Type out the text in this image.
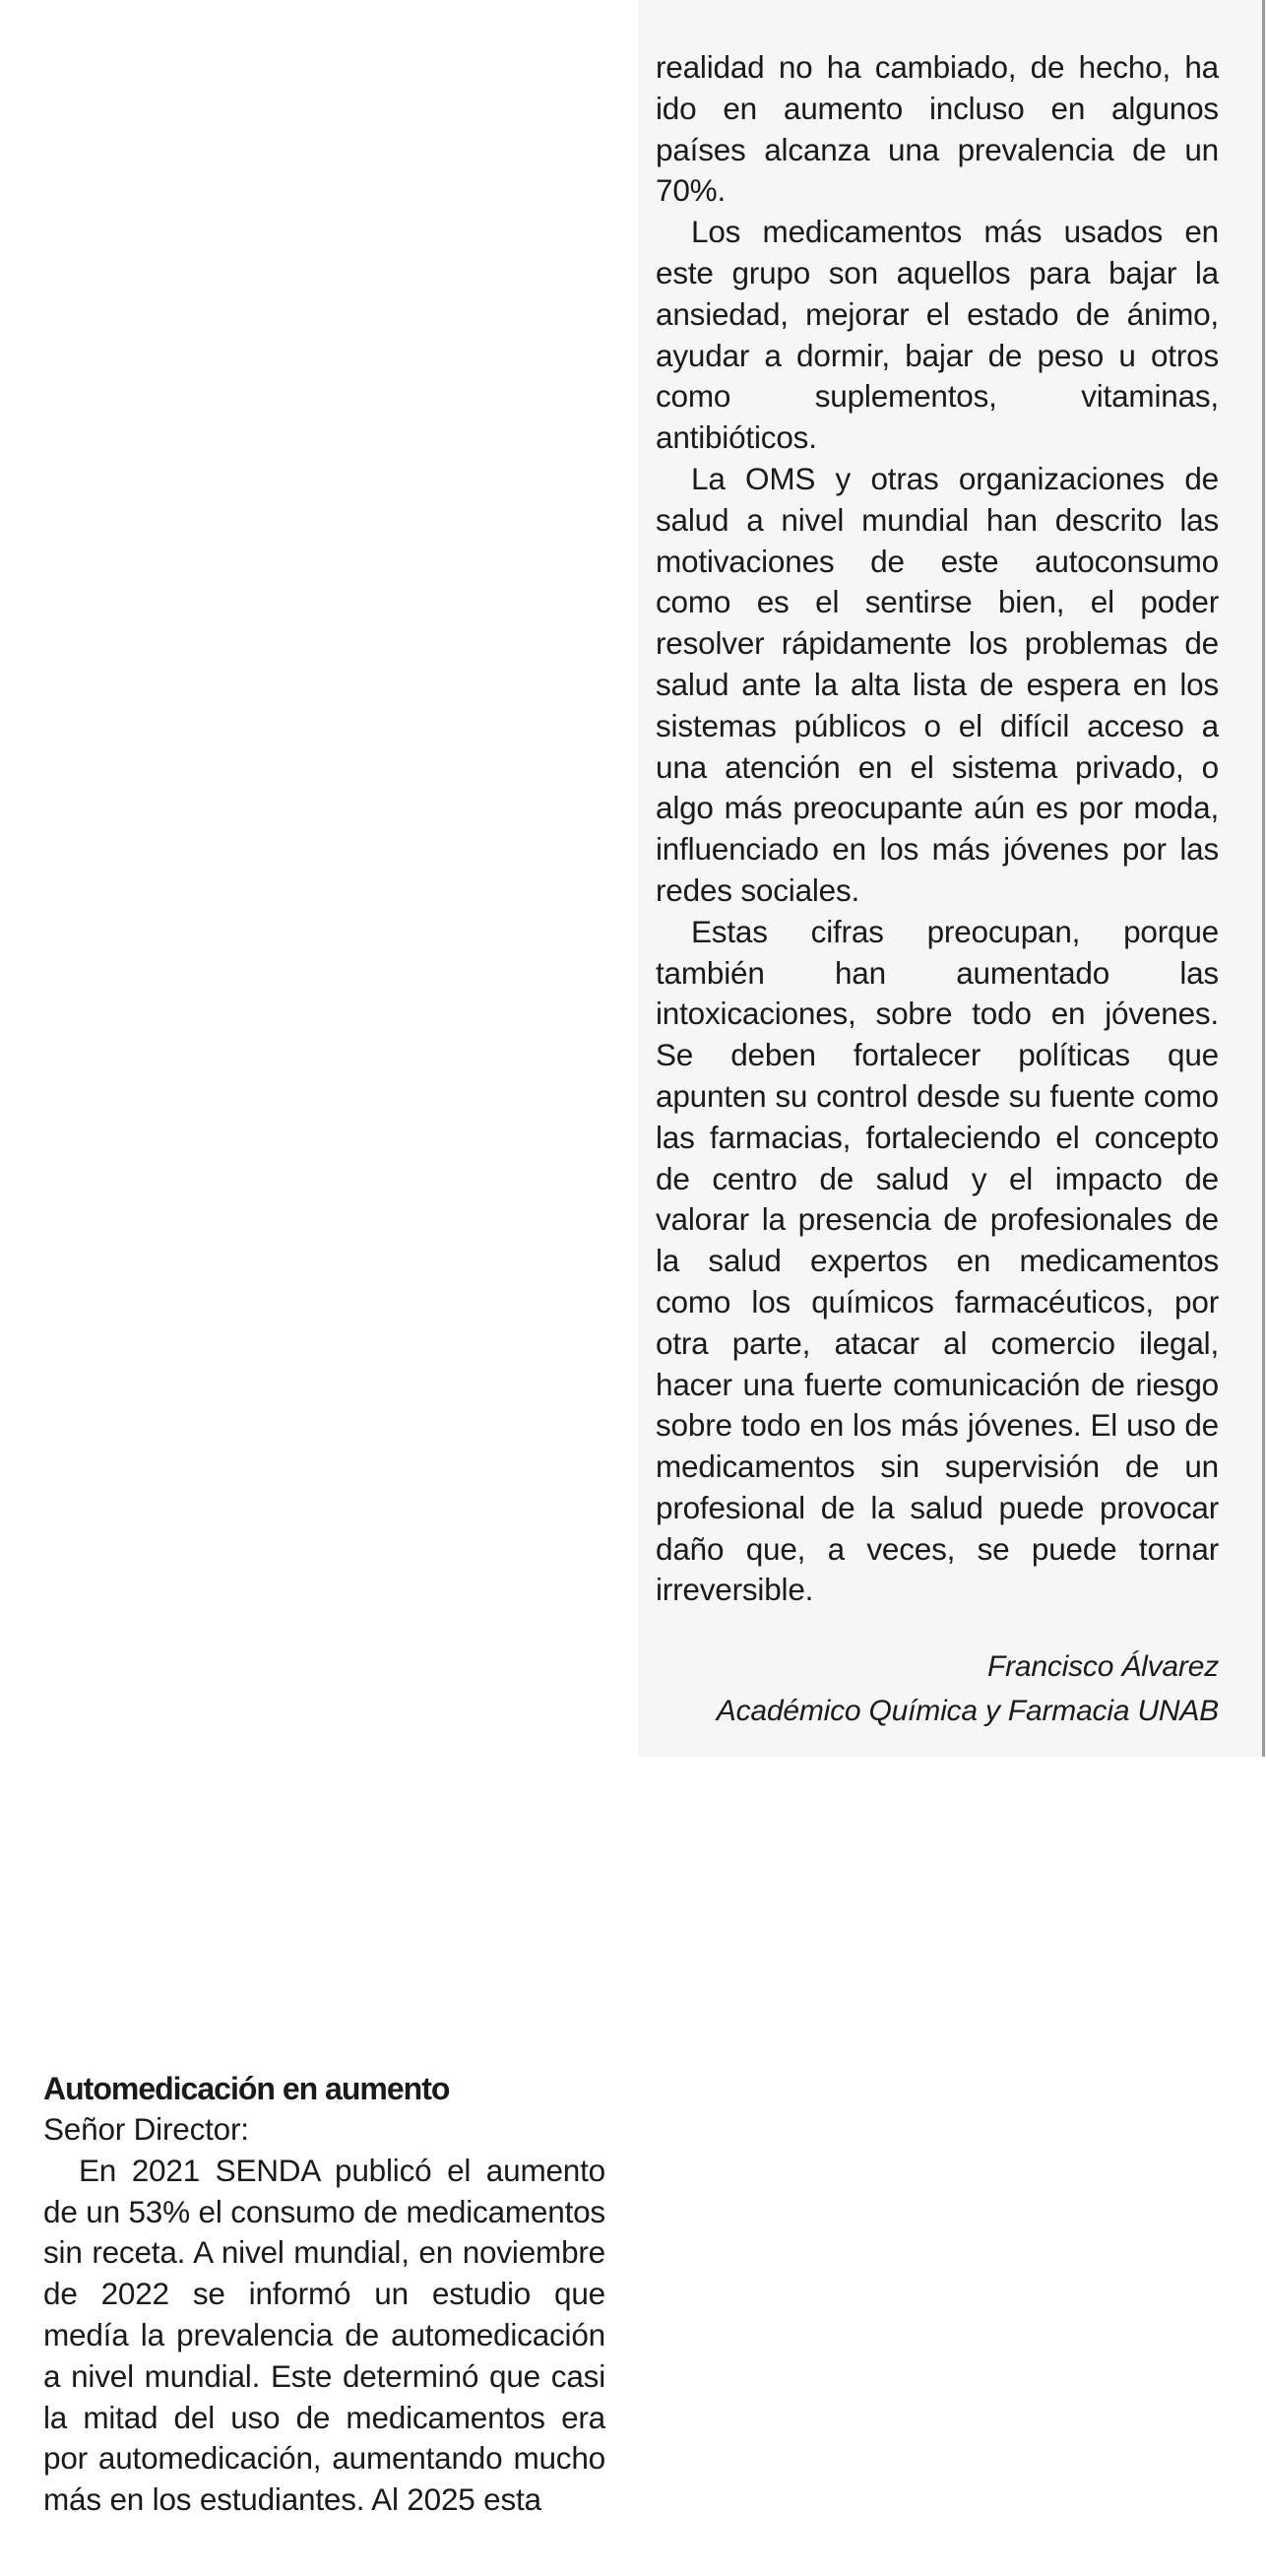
realidad no ha cambiado, de hecho, ha ido en aumento incluso en algunos países alcanza una prevalencia de un 70%.

Los medicamentos más usados en este grupo son aquellos para bajar la ansiedad, mejorar el estado de ánimo, ayudar a dormir, bajar de peso u otros como suplementos, vitaminas, antibióticos.

La OMS y otras organizaciones de salud a nivel mundial han descrito las motivaciones de este autoconsumo como es el sentirse bien, el poder resolver rápidamente los problemas de salud ante la alta lista de espera en los sistemas públicos o el difícil acceso a una atención en el sistema privado, o algo más preocupante aún es por moda, influenciado en los más jóvenes por las redes sociales.

Estas cifras preocupan, porque también han aumentado las intoxicaciones, sobre todo en jóvenes. Se deben fortalecer políticas que apunten su control desde su fuente como las farmacias, fortaleciendo el concepto de centro de salud y el impacto de valorar la presencia de profesionales de la salud expertos en medicamentos como los químicos farmacéuticos, por otra parte, atacar al comercio ilegal, hacer una fuerte comunicación de riesgo sobre todo en los más jóvenes. El uso de medicamentos sin supervisión de un profesional de la salud puede provocar daño que, a veces, se puede tornar irreversible.

Francisco Álvarez
Académico Química y Farmacia UNAB
Automedicación en aumento
Señor Director:

En 2021 SENDA publicó el aumento de un 53% el consumo de medicamentos sin receta. A nivel mundial, en noviembre de 2022 se informó un estudio que medía la prevalencia de automedicación a nivel mundial. Este determinó que casi la mitad del uso de medicamentos era por automedicación, aumentando mucho más en los estudiantes. Al 2025 esta
